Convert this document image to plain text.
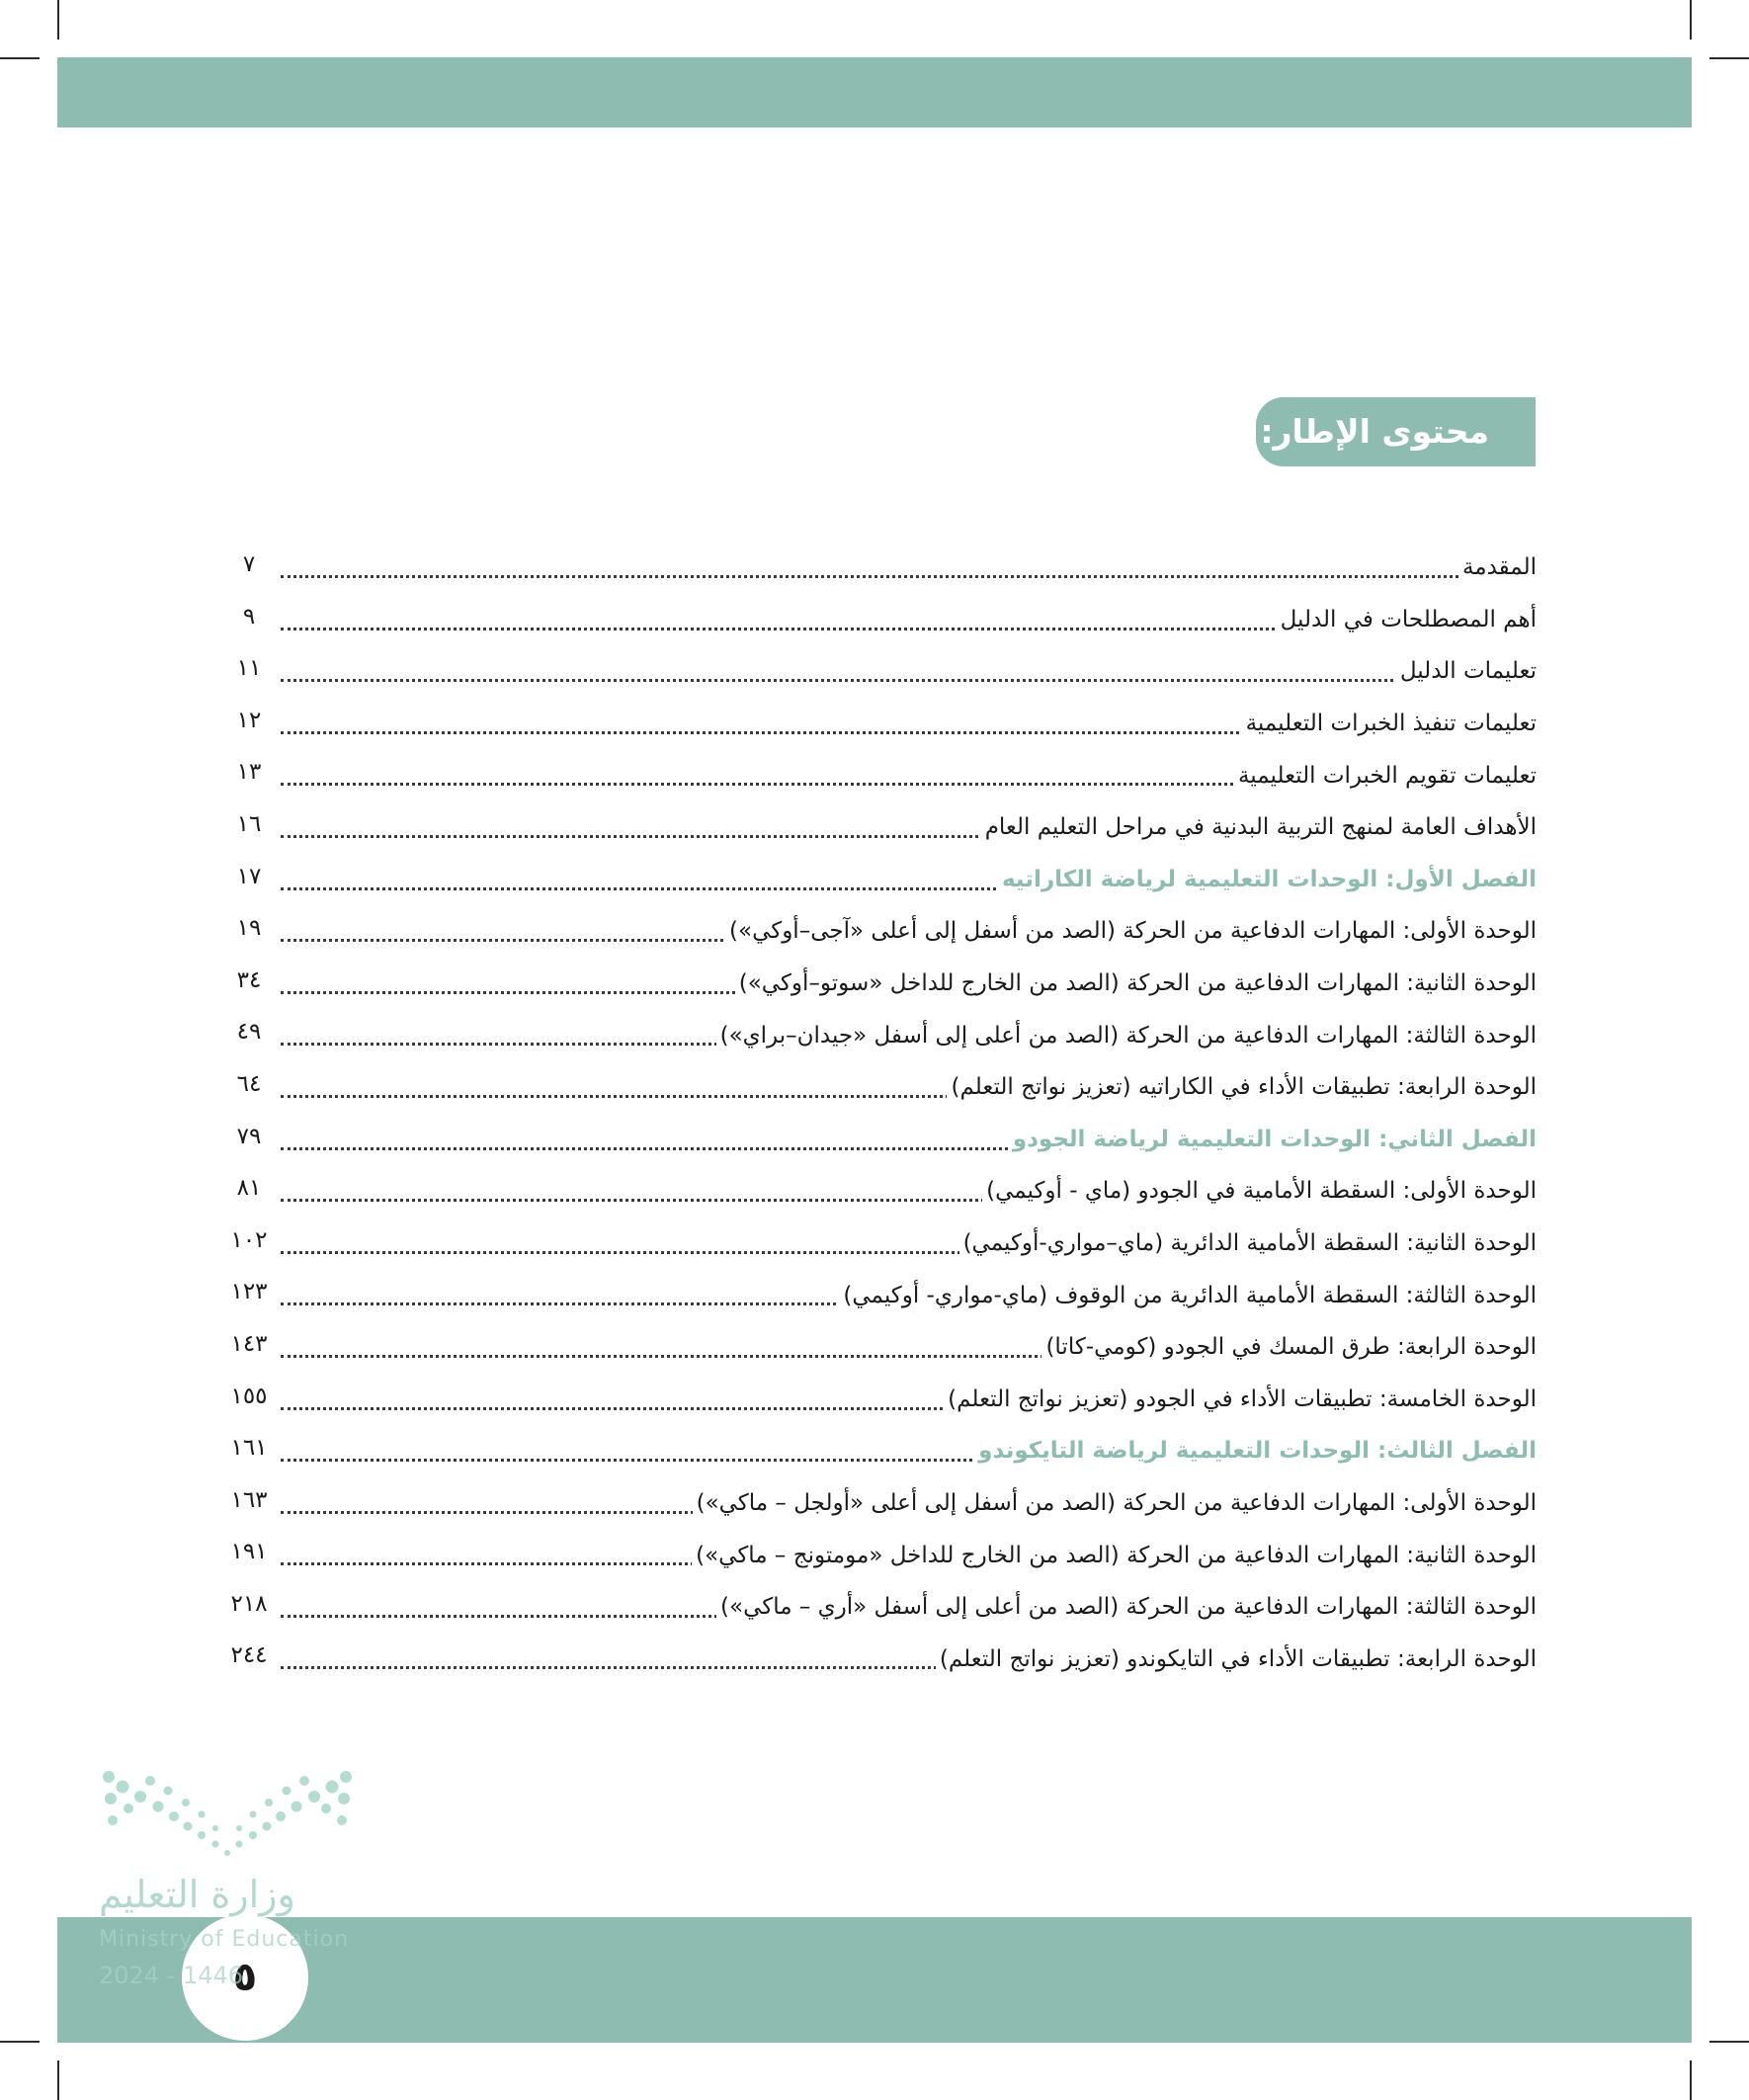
محتوى الإطار:
المقدمة
٧
أهم المصطلحات في الدليل
٩
تعليمات الدليل
١١
تعليمات تنفيذ الخبرات التعليمية
١٢
تعليمات تقويم الخبرات التعليمية
١٣
الأهداف العامة لمنهج التربية البدنية في مراحل التعليم العام
١٦
الفصل الأول: الوحدات التعليمية لرياضة الكاراتيه
١٧
الوحدة الأولى: المهارات الدفاعية من الحركة (الصد من أسفل إلى أعلى «آجى–أوكي»)
١٩
الوحدة الثانية: المهارات الدفاعية من الحركة (الصد من الخارج للداخل «سوتو–أوكي»)
٣٤
الوحدة الثالثة: المهارات الدفاعية من الحركة (الصد من أعلى إلى أسفل «جيدان–براي»)
٤٩
الوحدة الرابعة: تطبيقات الأداء في الكاراتيه (تعزيز نواتج التعلم)
٦٤
الفصل الثاني: الوحدات التعليمية لرياضة الجودو
٧٩
الوحدة الأولى: السقطة الأمامية في الجودو (ماي - أوكيمي)
٨١
الوحدة الثانية: السقطة الأمامية الدائرية (ماي–مواري-أوكيمي)
١٠٢
الوحدة الثالثة: السقطة الأمامية الدائرية من الوقوف (ماي-مواري- أوكيمي)
١٢٣
الوحدة الرابعة: طرق المسك في الجودو (كومي-كاتا)
١٤٣
الوحدة الخامسة: تطبيقات الأداء في الجودو (تعزيز نواتج التعلم)
١٥٥
الفصل الثالث: الوحدات التعليمية لرياضة التايكوندو
١٦١
الوحدة الأولى: المهارات الدفاعية من الحركة (الصد من أسفل إلى أعلى «أولجل – ماكي»)
١٦٣
الوحدة الثانية: المهارات الدفاعية من الحركة (الصد من الخارج للداخل «مومتونج – ماكي»)
١٩١
الوحدة الثالثة: المهارات الدفاعية من الحركة (الصد من أعلى إلى أسفل «أري – ماكي»)
٢١٨
الوحدة الرابعة: تطبيقات الأداء في التايكوندو (تعزيز نواتج التعلم)
٢٤٤
٥
وزارة التعليم
Ministry of Education
2024 - 1446
